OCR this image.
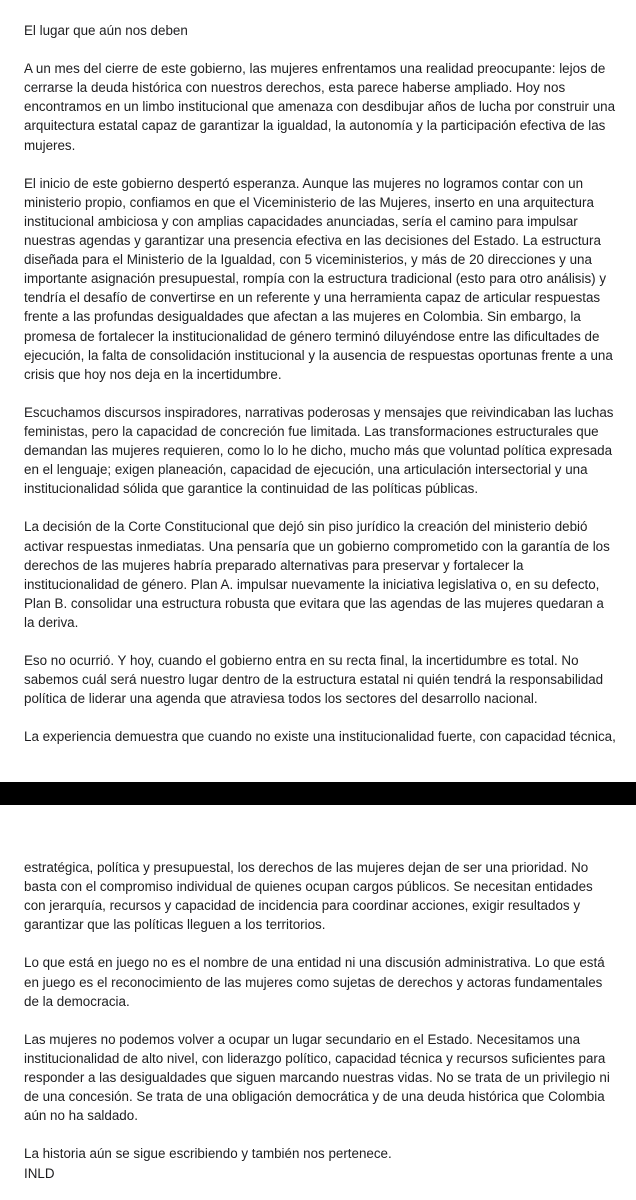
El lugar que aún nos deben

A un mes del cierre de este gobierno, las mujeres enfrentamos una realidad preocupante: lejos de cerrarse la deuda histórica con nuestros derechos, esta parece haberse ampliado. Hoy nos encontramos en un limbo institucional que amenaza con desdibujar años de lucha por construir una arquitectura estatal capaz de garantizar la igualdad, la autonomía y la participación efectiva de las mujeres.

El inicio de este gobierno despertó esperanza. Aunque las mujeres no logramos contar con un ministerio propio, confiamos en que el Viceministerio de las Mujeres, inserto en una arquitectura institucional ambiciosa y con amplias capacidades anunciadas, sería el camino para impulsar nuestras agendas y garantizar una presencia efectiva en las decisiones del Estado. La estructura diseñada para el Ministerio de la Igualdad, con 5 viceministerios, y más de 20 direcciones y una importante asignación presupuestal, rompía con la estructura tradicional (esto para otro análisis) y tendría el desafío de convertirse en un referente y una herramienta capaz de articular respuestas frente a las profundas desigualdades que afectan a las mujeres en Colombia. Sin embargo, la promesa de fortalecer la institucionalidad de género terminó diluyéndose entre las dificultades de ejecución, la falta de consolidación institucional y la ausencia de respuestas oportunas frente a una crisis que hoy nos deja en la incertidumbre.

Escuchamos discursos inspiradores, narrativas poderosas y mensajes que reivindicaban las luchas feministas, pero la capacidad de concreción fue limitada. Las transformaciones estructurales que demandan las mujeres requieren, como lo lo he dicho, mucho más que voluntad política expresada en el lenguaje; exigen planeación, capacidad de ejecución, una articulación intersectorial y una institucionalidad sólida que garantice la continuidad de las políticas públicas.

La decisión de la Corte Constitucional que dejó sin piso jurídico la creación del ministerio debió activar respuestas inmediatas. Una pensaría que un gobierno comprometido con la garantía de los derechos de las mujeres habría preparado alternativas para preservar y fortalecer la institucionalidad de género. Plan A. impulsar nuevamente la iniciativa legislativa o, en su defecto, Plan B. consolidar una estructura robusta que evitara que las agendas de las mujeres quedaran a la deriva.

Eso no ocurrió. Y hoy, cuando el gobierno entra en su recta final, la incertidumbre es total. No sabemos cuál será nuestro lugar dentro de la estructura estatal ni quién tendrá la responsabilidad política de liderar una agenda que atraviesa todos los sectores del desarrollo nacional.

La experiencia demuestra que cuando no existe una institucionalidad fuerte, con capacidad técnica,

estratégica, política y presupuestal, los derechos de las mujeres dejan de ser una prioridad. No basta con el compromiso individual de quienes ocupan cargos públicos. Se necesitan entidades con jerarquía, recursos y capacidad de incidencia para coordinar acciones, exigir resultados y garantizar que las políticas lleguen a los territorios.

Lo que está en juego no es el nombre de una entidad ni una discusión administrativa. Lo que está en juego es el reconocimiento de las mujeres como sujetas de derechos y actoras fundamentales de la democracia.

Las mujeres no podemos volver a ocupar un lugar secundario en el Estado. Necesitamos una institucionalidad de alto nivel, con liderazgo político, capacidad técnica y recursos suficientes para responder a las desigualdades que siguen marcando nuestras vidas. No se trata de un privilegio ni de una concesión. Se trata de una obligación democrática y de una deuda histórica que Colombia aún no ha saldado.

La historia aún se sigue escribiendo y también nos pertenece.

INLD
